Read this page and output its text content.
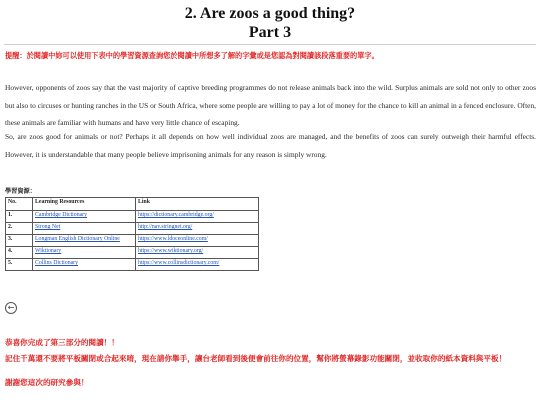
2. Are zoos a good thing?
Part 3
提醒：於閱讀中妳可以使用下表中的學習資源查詢您於閱讀中所想多了解的字彙或是您認為對閱讀該段落重要的單字。
However, opponents of zoos say that the vast majority of captive breeding programmes do not release animals back into the wild. Surplus animals are sold not only to other zoos but also to circuses or hunting ranches in the US or South Africa, where some people are willing to pay a lot of money for the chance to kill an animal in a fenced enclosure. Often, these animals are familiar with humans and have very little chance of escaping.
So, are zoos good for animals or not? Perhaps it all depends on how well individual zoos are managed, and the benefits of zoos can surely outweigh their harmful effects. However, it is understandable that many people believe imprisoning animals for any reason is simply wrong.
學習資源：
No.	Learning Resources	Link
1.	Cambridge Dictionary	https://dictionary.cambridge.org/
2.	Strong Net	http://nav.stringnet.org/
3.	Longman English Dictionary Online	https://www.ldoceonline.com/
4.	Wiktionary	https://www.wiktionary.org/
5.	Collins Dictionary	https://www.collinsdictionary.com/
←
恭喜你完成了第三部分的閱讀！！
記住千萬還不要將平板關閉或合起來唷，現在請你舉手，讓台老師看到後便會前往你的位置，幫你將螢幕錄影功能關閉，並收取你的紙本資料與平板！
謝謝您這次的研究參與！
